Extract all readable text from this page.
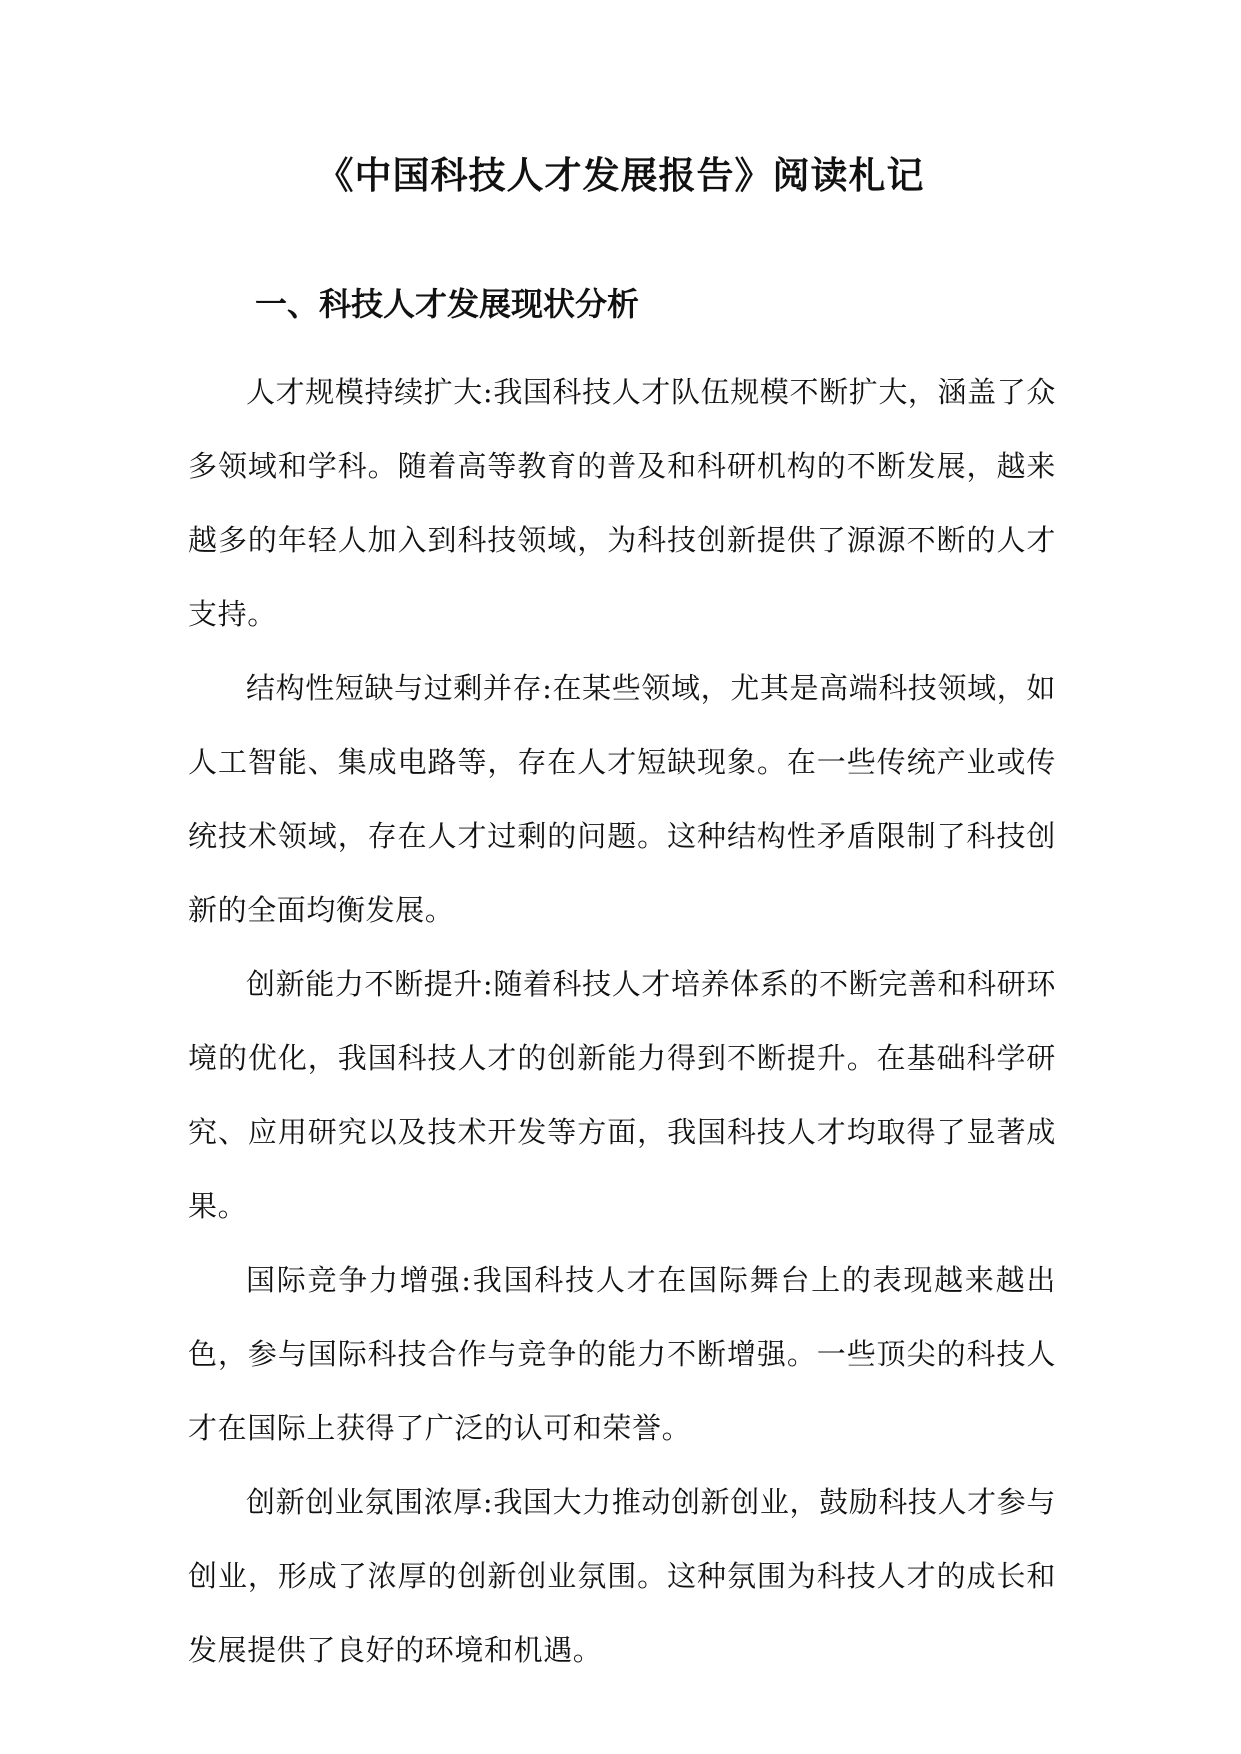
《中国科技人才发展报告》阅读札记
一、科技人才发展现状分析

人才规模持续扩大:我国科技人才队伍规模不断扩大，涵盖了众多领域和学科。随着高等教育的普及和科研机构的不断发展，越来越多的年轻人加入到科技领域，为科技创新提供了源源不断的人才支持。

结构性短缺与过剩并存:在某些领域，尤其是高端科技领域，如人工智能、集成电路等，存在人才短缺现象。在一些传统产业或传统技术领域，存在人才过剩的问题。这种结构性矛盾限制了科技创新的全面均衡发展。

创新能力不断提升:随着科技人才培养体系的不断完善和科研环境的优化，我国科技人才的创新能力得到不断提升。在基础科学研究、应用研究以及技术开发等方面，我国科技人才均取得了显著成果。

国际竞争力增强:我国科技人才在国际舞台上的表现越来越出色，参与国际科技合作与竞争的能力不断增强。一些顶尖的科技人才在国际上获得了广泛的认可和荣誉。

创新创业氛围浓厚:我国大力推动创新创业，鼓励科技人才参与创业，形成了浓厚的创新创业氛围。这种氛围为科技人才的成长和发展提供了良好的环境和机遇。
